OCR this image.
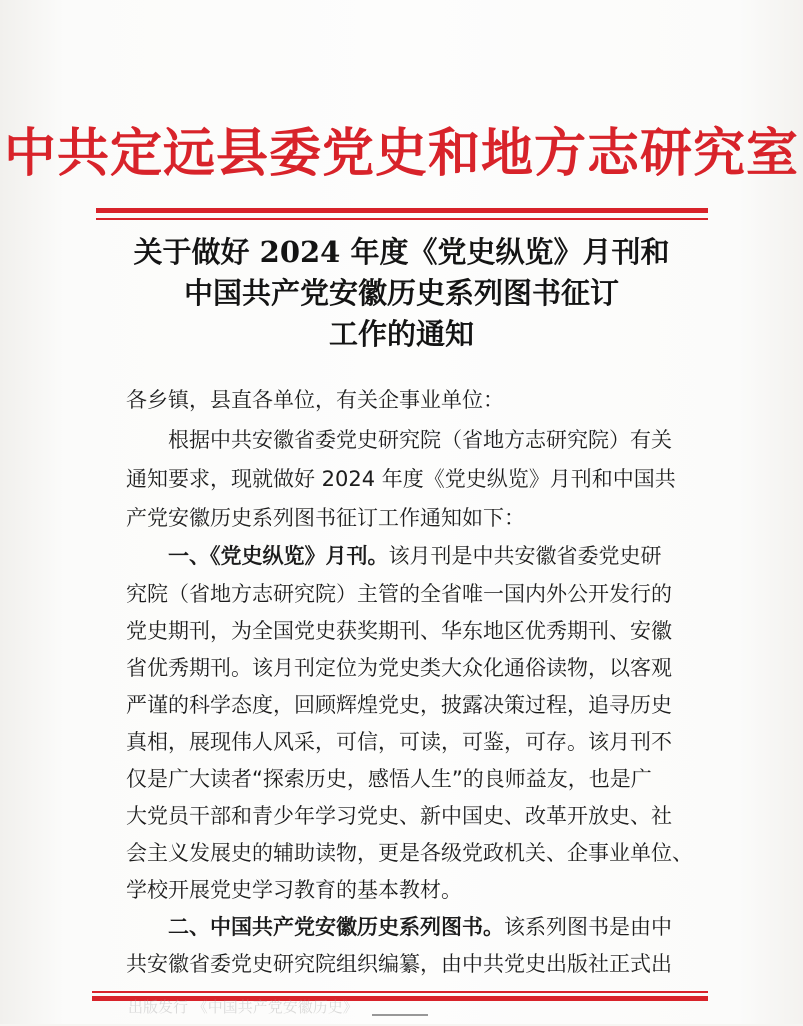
中共定远县委党史和地方志研究室
关于做好 2024 年度《党史纵览》月刊和
中国共产党安徽历史系列图书征订
工作的通知
各乡镇，县直各单位，有关企事业单位：
根据中共安徽省委党史研究院（省地方志研究院）有关
通知要求，现就做好 2024 年度《党史纵览》月刊和中国共
产党安徽历史系列图书征订工作通知如下：
一、《党史纵览》月刊。该月刊是中共安徽省委党史研
究院（省地方志研究院）主管的全省唯一国内外公开发行的
党史期刊，为全国党史获奖期刊、华东地区优秀期刊、安徽
省优秀期刊。该月刊定位为党史类大众化通俗读物，以客观
严谨的科学态度，回顾辉煌党史，披露决策过程，追寻历史
真相，展现伟人风采，可信，可读，可鉴，可存。该月刊不
仅是广大读者“探索历史，感悟人生”的良师益友，也是广
大党员干部和青少年学习党史、新中国史、改革开放史、社
会主义发展史的辅助读物，更是各级党政机关、企事业单位、
学校开展党史学习教育的基本教材。
二、中国共产党安徽历史系列图书。该系列图书是由中
共安徽省委党史研究院组织编纂，由中共党史出版社正式出
出版发行 《中国共产党安徽历史》
